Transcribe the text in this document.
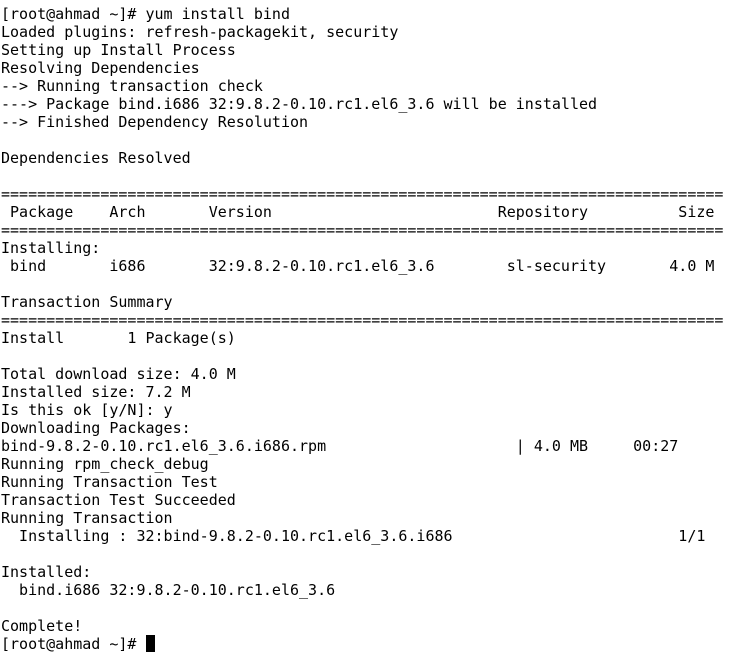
[root@ahmad ~]# yum install bind
Loaded plugins: refresh-packagekit, security
Setting up Install Process
Resolving Dependencies
--> Running transaction check
---> Package bind.i686 32:9.8.2-0.10.rc1.el6_3.6 will be installed
--> Finished Dependency Resolution
Dependencies Resolved
================================================================================
Package    Arch       Version                         Repository          Size
================================================================================
Installing:
bind       i686       32:9.8.2-0.10.rc1.el6_3.6        sl-security       4.0 M
Transaction Summary
================================================================================
Install       1 Package(s)
Total download size: 4.0 M
Installed size: 7.2 M
Is this ok [y/N]: y
Downloading Packages:
bind-9.8.2-0.10.rc1.el6_3.6.i686.rpm                     | 4.0 MB     00:27
Running rpm_check_debug
Running Transaction Test
Transaction Test Succeeded
Running Transaction
Installing : 32:bind-9.8.2-0.10.rc1.el6_3.6.i686                         1/1
Installed:
bind.i686 32:9.8.2-0.10.rc1.el6_3.6
Complete!
[root@ahmad ~]#
